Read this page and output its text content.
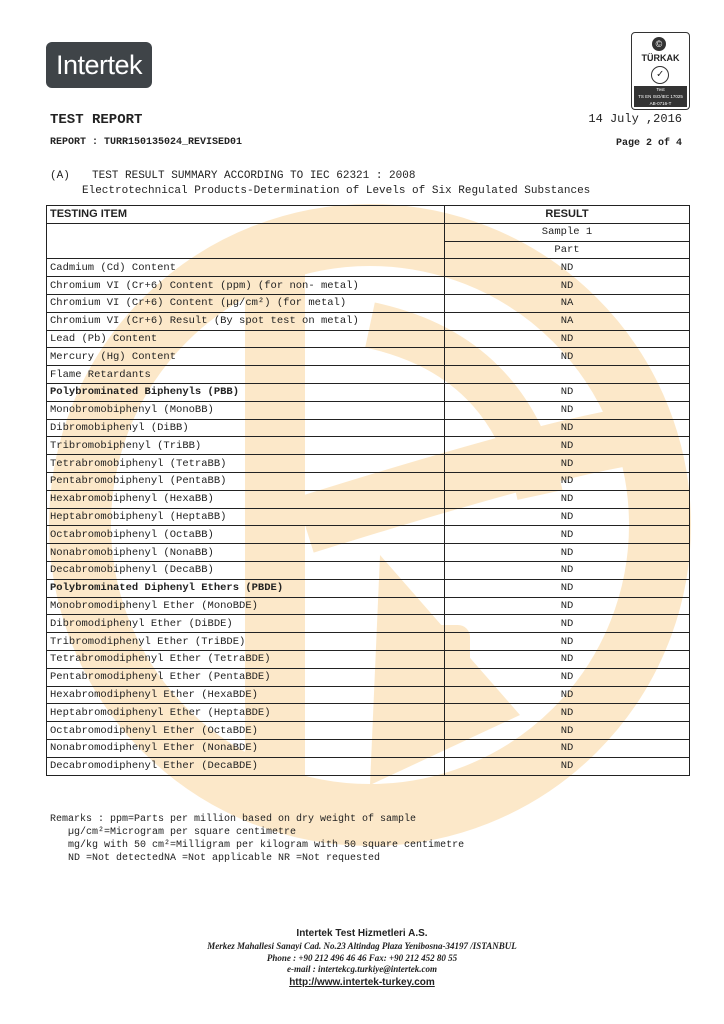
Intertek
©
TÜRKAK
✓
Test
TS EN ISO/IEC 17025
AB-0716-T
TEST REPORT	14 July ,2016
REPORT : TURR150135024_REVISED01	Page 2 of 4
(A) TEST RESULT SUMMARY ACCORDING TO IEC 62321 : 2008
Electrotechnical Products-Determination of Levels of Six Regulated Substances
TESTING ITEM	RESULT
	Sample 1
	Part
Cadmium (Cd) Content	ND
Chromium VI (Cr+6) Content (ppm) (for non- metal)	ND
Chromium VI (Cr+6) Content (µg/cm²) (for metal)	NA
Chromium VI (Cr+6) Result (By spot test on metal)	NA
Lead (Pb) Content	ND
Mercury (Hg) Content	ND
Flame Retardants	
Polybrominated Biphenyls (PBB)	ND
Monobromobiphenyl (MonoBB)	ND
Dibromobiphenyl (DiBB)	ND
Tribromobiphenyl (TriBB)	ND
Tetrabromobiphenyl (TetraBB)	ND
Pentabromobiphenyl (PentaBB)	ND
Hexabromobiphenyl (HexaBB)	ND
Heptabromobiphenyl (HeptaBB)	ND
Octabromobiphenyl (OctaBB)	ND
Nonabromobiphenyl (NonaBB)	ND
Decabromobiphenyl (DecaBB)	ND
Polybrominated Diphenyl Ethers (PBDE)	ND
Monobromodiphenyl Ether (MonoBDE)	ND
Dibromodiphenyl Ether (DiBDE)	ND
Tribromodiphenyl Ether (TriBDE)	ND
Tetrabromodiphenyl Ether (TetraBDE)	ND
Pentabromodiphenyl Ether (PentaBDE)	ND
Hexabromodiphenyl Ether (HexaBDE)	ND
Heptabromodiphenyl Ether (HeptaBDE)	ND
Octabromodiphenyl Ether (OctaBDE)	ND
Nonabromodiphenyl Ether (NonaBDE)	ND
Decabromodiphenyl Ether (DecaBDE)	ND
Remarks : ppm=Parts per million based on dry weight of sample
µg/cm²=Microgram per square centimetre
mg/kg with 50 cm²=Milligram per kilogram with 50 square centimetre
ND =Not detectedNA =Not applicable NR =Not requested
Intertek Test Hizmetleri A.S.
Merkez Mahallesi Sanayi Cad. No.23 Altindag Plaza Yenibosna-34197 /ISTANBUL
Phone : +90 212 496 46 46 Fax: +90 212 452 80 55
e-mail : intertekcg.turkiye@intertek.com
http://www.intertek-turkey.com
